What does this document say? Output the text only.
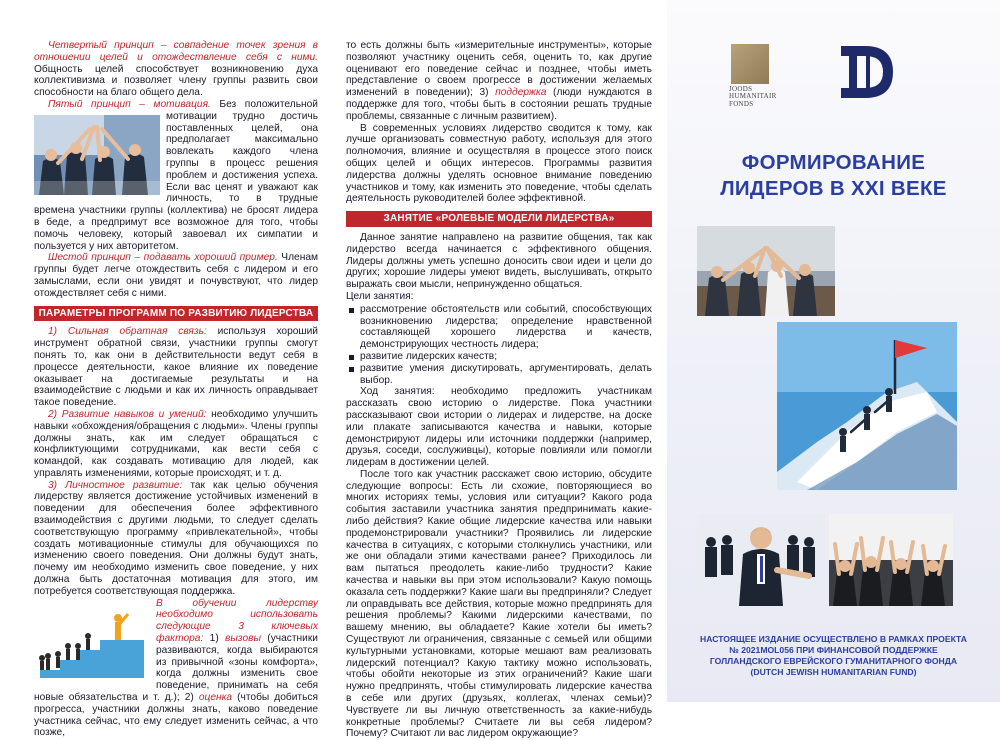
Четвертый принцип – совпадение точек зрения в отношении целей и отождествление себя с ними. Общность целей способствует возникновению духа коллективизма и позволяет члену группы развить свои способности на благо общего дела.

Пятый принцип – мотивация.
Без положительной мотивации трудно достичь поставленных целей, она предполагает максимально вовлекать каждого члена группы в процесс решения проблем и достижения успеха. Если вас ценят и уважают как личность, то в трудные времена участники группы (коллектива) не бросят лидера в беде, а предпримут все возможное для того, чтобы помочь человеку, который завоевал их симпатии и пользуется у них авторитетом.

Шестой принцип – подавать хороший пример. Членам группы будет легче отождествить себя с лидером и его замыслами, если они увидят и почувствуют, что лидер отождествляет себя с ними.

ПАРАМЕТРЫ ПРОГРАММ ПО РАЗВИТИЮ ЛИДЕРСТВА

1) Сильная обратная связь: используя хороший инструмент обратной связи, участники группы смогут понять то, как они в действительности ведут себя в процессе деятельности, какое влияние их поведение оказывает на достигаемые результаты и на взаимодействие с людьми и как их личность оправдывает такое поведение.

2) Развитие навыков и умений: необходимо улучшить навыки «обхождения/обращения с людьми». Члены группы должны знать, как им следует обращаться с конфликтующими сотрудниками, как вести себя с командой, как создавать мотивацию для людей, как управлять изменениями, которые происходят, и т. д.

3) Личностное развитие: так как целью обучения лидерству является достижение устойчивых изменений в поведении для обеспечения более эффективного взаимодействия с другими людьми, то следует сделать соответствующую программу «привлекательной», чтобы создать мотивационные стимулы для обучающихся по изменению своего поведения. Они должны будут знать, почему им необходимо изменить свое поведение, у них должна быть достаточная мотивация для этого, им потребуется соответствующая поддержка.

В обучении лидерству необходимо использовать следующие 3 ключевых фактора: 1) вызовы (участники развиваются, когда выбираются из привычной «зоны комфорта», когда должны изменить свое поведение, принимать на себя новые обязательства и т. д.); 2) оценка (чтобы добиться прогресса, участники должны знать, каково поведение участника сейчас, что ему следует изменить сейчас, а что позже,

то есть должны быть «измерительные инструменты», которые позволяют участнику оценить себя, оценить то, как другие оценивают его поведение сейчас и позднее, чтобы иметь представление о своем прогрессе в достижении желаемых изменений в поведении); 3) поддержка (люди нуждаются в поддержке для того, чтобы быть в состоянии решать трудные проблемы, связанные с личным развитием).

В современных условиях лидерство сводится к тому, как лучше организовать совместную работу, используя для этого полномочия, влияние и осуществляя в процессе этого поиск общих целей и общих интересов. Программы развития лидерства должны уделять основное внимание поведению участников и тому, как изменить это поведение, чтобы сделать деятельность руководителей более эффективной.

ЗАНЯТИЕ «РОЛЕВЫЕ МОДЕЛИ ЛИДЕРСТВА»

Данное занятие направлено на развитие общения, так как лидерство всегда начинается с эффективного общения. Лидеры должны уметь успешно доносить свои идеи и цели до других; хорошие лидеры умеют видеть, выслушивать, открыто выражать свои мысли, непринужденно общаться.

Цели занятия:

рассмотрение обстоятельств или событий, способствующих возникновению лидерства; определение нравственной составляющей хорошего лидерства и качеств, демонстрирующих честность лидера;
развитие лидерских качеств;
развитие умения дискутировать, аргументировать, делать выбор.

Ход занятия: необходимо предложить участникам рассказать свою историю о лидерстве. Пока участники рассказывают свои истории о лидерах и лидерстве, на доске или плакате записываются качества и навыки, которые демонстрируют лидеры или источники поддержки (например, друзья, соседи, сослуживцы), которые повлияли или помогли лидерам в достижении целей.

После того как участник расскажет свою историю, обсудите следующие вопросы: Есть ли схожие, повторяющиеся во многих историях темы, условия или ситуации? Какого рода события заставили участника занятия предпринимать какие-либо действия? Какие общие лидерские качества или навыки продемонстрировали участники? Проявились ли лидерские качества в ситуациях, с которыми столкнулись участники, или же они обладали этими качествами ранее? Приходилось ли вам пытаться преодолеть какие-либо трудности? Какие качества и навыки вы при этом использовали? Какую помощь оказала сеть поддержки? Какие шаги вы предприняли? Следует ли оправдывать все действия, которые можно предпринять для решения проблемы? Какими лидерскими качествами, по вашему мнению, вы обладаете? Какие хотели бы иметь? Существуют ли ограничения, связанные с семьей или общими культурными установками, которые мешают вам реализовать лидерский потенциал? Какую тактику можно использовать, чтобы обойти некоторые из этих ограничений? Какие шаги нужно предпринять, чтобы стимулировать лидерские качества в себе или других (друзьях, коллегах, членах семьи)? Чувствуете ли вы личную ответственность за какие-нибудь конкретные проблемы? Считаете ли вы себя лидером? Почему? Считают ли вас лидером окружающие?

JOODS
HUMANITAIR
FONDS
ФОРМИРОВАНИЕ
ЛИДЕРОВ В XXI ВЕКЕ
НАСТОЯЩЕЕ ИЗДАНИЕ ОСУЩЕСТВЛЕНО В РАМКАХ ПРОЕКТА
№ 2021MOL056 ПРИ ФИНАНСОВОЙ ПОДДЕРЖКЕ
ГОЛЛАНДСКОГО ЕВРЕЙСКОГО ГУМАНИТАРНОГО ФОНДА
(DUTCH JEWISH HUMANITARIAN FUND)
